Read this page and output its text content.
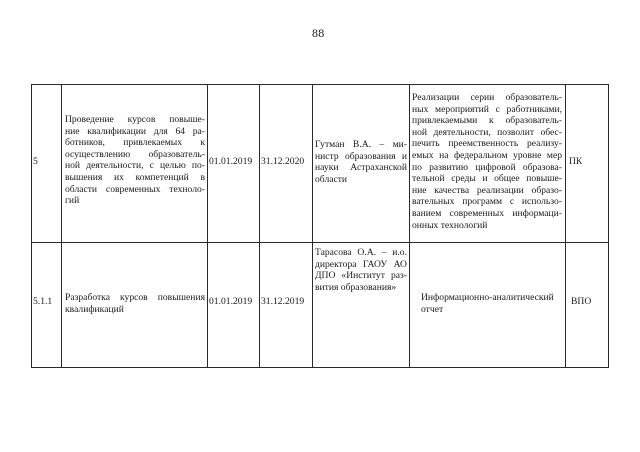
88
5
Проведение курсов повыше-
ние квалификации для 64 ра-
ботников, привлекаемых к
осуществлению образователь-
ной деятельности, с целью по-
вышения их компетенций в
области современных техноло-
гий
01.01.2019 31.12.2020
Гутман В.А. – ми-
нистр образования и
науки Астраханской
области
Реализации серии образователь-
ных мероприятий с работниками,
привлекаемыми к образователь-
ной деятельности, позволит обес-
печить преемственность реализу-
емых на федеральном уровне мер
по развитию цифровой образова-
тельной среды и общее повыше-
ние качества реализации образо-
вательных программ с использо-
ванием современных информаци-
онных технологий
ПК
5.1.1 Разработка курсов повышения
квалификаций
01.01.2019 31.12.2019
Тарасова О.А. – и.о.
директора ГАОУ АО
ДПО «Институт раз-
вития образования»
Информационно-аналитический
отчет
ВПО
